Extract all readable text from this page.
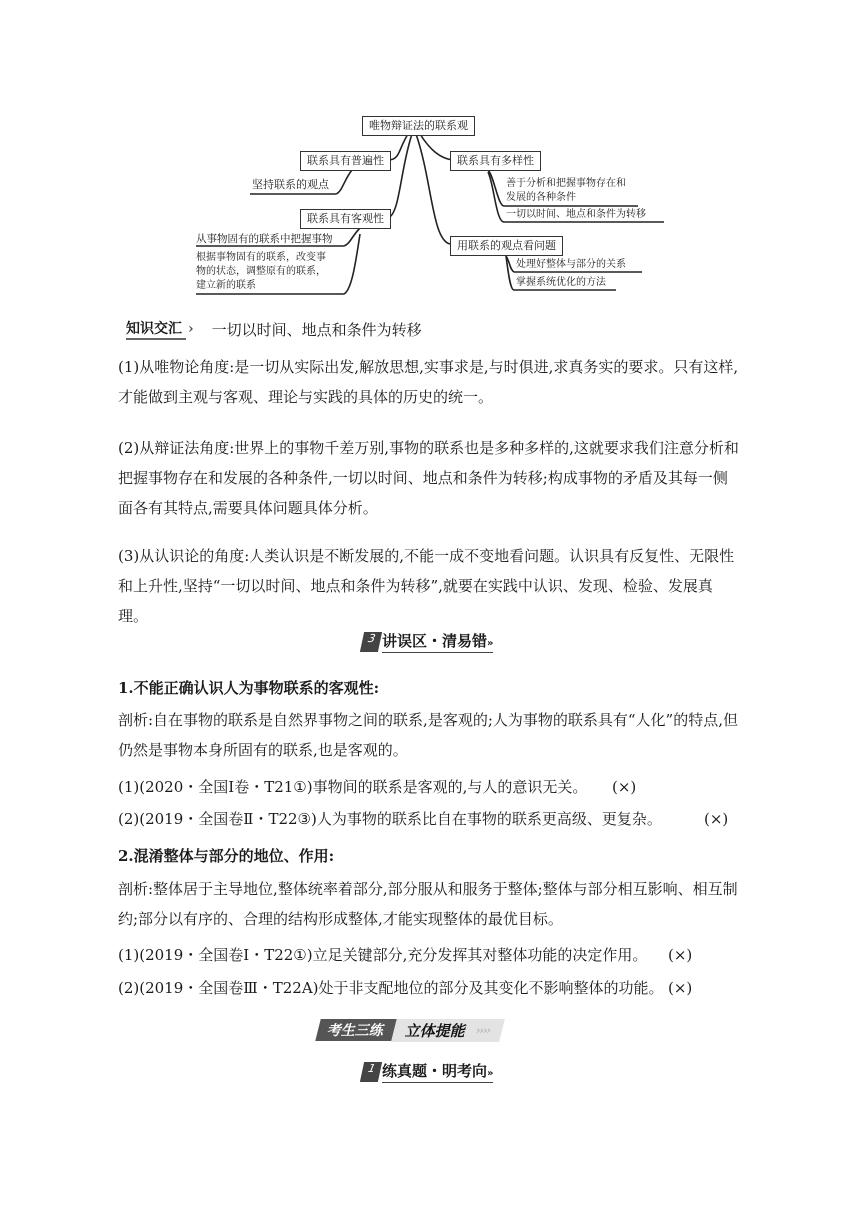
唯物辩证法的联系观
联系具有普遍性
坚持联系的观点
联系具有客观性
从事物固有的联系中把握事物
根据事物固有的联系，改变事
物的状态，调整原有的联系，
建立新的联系
联系具有多样性
善于分析和把握事物存在和
发展的各种条件
一切以时间、地点和条件为转移
用联系的观点看问题
处理好整体与部分的关系
掌握系统优化的方法
知识交汇 › 一切以时间、地点和条件为转移

(1)从唯物论角度:是一切从实际出发,解放思想,实事求是,与时俱进,求真务实的要求。只有这样,才能做到主观与客观、理论与实践的具体的历史的统一。

(2)从辩证法角度:世界上的事物千差万别,事物的联系也是多种多样的,这就要求我们注意分析和把握事物存在和发展的各种条件,一切以时间、地点和条件为转移;构成事物的矛盾及其每一侧面各有其特点,需要具体问题具体分析。

(3)从认识论的角度:人类认识是不断发展的,不能一成不变地看问题。认识具有反复性、无限性和上升性,坚持“一切以时间、地点和条件为转移”,就要在实践中认识、发现、检验、发展真理。

3 讲误区・清易错»
1.不能正确认识人为事物联系的客观性:

剖析:自在事物的联系是自然界事物之间的联系,是客观的;人为事物的联系具有“人化”的特点,但仍然是事物本身所固有的联系,也是客观的。

(1)(2020・全国Ⅰ卷・T21①)事物间的联系是客观的,与人的意识无关。	(×)
(2)(2019・全国卷Ⅱ・T22③)人为事物的联系比自在事物的联系更高级、更复杂。	(×)
2.混淆整体与部分的地位、作用:

剖析:整体居于主导地位,整体统率着部分,部分服从和服务于整体;整体与部分相互影响、相互制约;部分以有序的、合理的结构形成整体,才能实现整体的最优目标。

(1)(2019・全国卷Ⅰ・T22①)立足关键部分,充分发挥其对整体功能的决定作用。	(×)
(2)(2019・全国卷Ⅲ・T22A)处于非支配地位的部分及其变化不影响整体的功能。 (×)
考生三练	立体提能 ››››
1 练真题・明考向»
